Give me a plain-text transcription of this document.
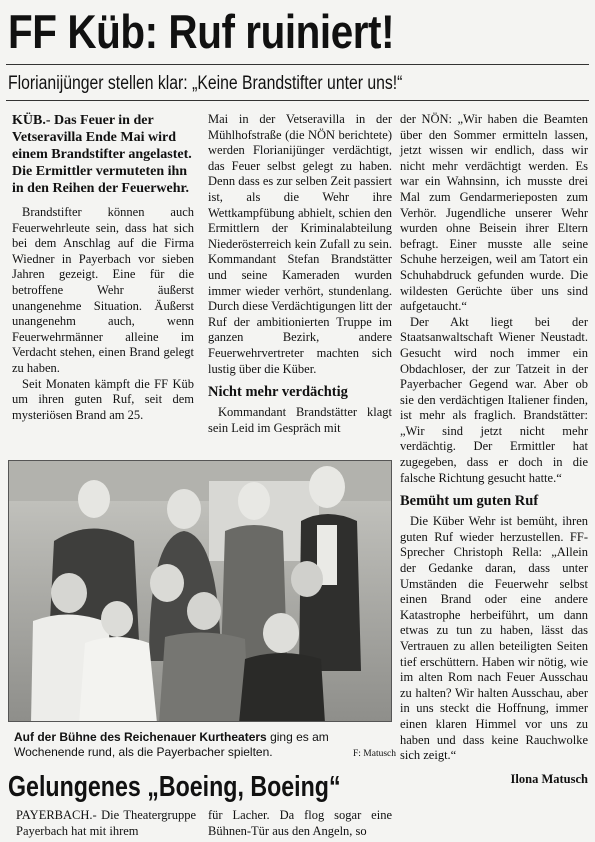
FF Küb: Ruf ruiniert!
Florianijünger stellen klar: „Keine Brandstifter unter uns!“

KÜB.- Das Feuer in der Vetseravilla Ende Mai wird einem Brandstifter angelastet. Die Ermittler vermuteten ihn in den Reihen der Feuerwehr.

Brandstifter können auch Feuerwehrleute sein, dass hat sich bei dem Anschlag auf die Firma Wiedner in Payerbach vor sieben Jahren gezeigt. Eine für die betroffene Wehr äußerst unangenehme Situation. Äußerst unangenehm auch, wenn Feuerwehrmänner alleine im Verdacht stehen, einen Brand gelegt zu haben.

Seit Monaten kämpft die FF Küb um ihren guten Ruf, seit dem mysteriösen Brand am 25.

Mai in der Vetseravilla in der Mühlhofstraße (die NÖN berichtete) werden Florianijünger verdächtigt, das Feuer selbst gelegt zu haben. Denn dass es zur selben Zeit passiert ist, als die Wehr ihre Wettkampfübung abhielt, schien den Ermittlern der Kriminalabteilung Niederösterreich kein Zufall zu sein. Kommandant Stefan Brandstätter und seine Kameraden wurden immer wieder verhört, stundenlang. Durch diese Verdächtigungen litt der Ruf der ambitionierten Truppe im ganzen Bezirk, andere Feuerwehrvertreter machten sich lustig über die Küber.

Nicht mehr verdächtig

Kommandant Brandstätter klagt sein Leid im Gespräch mit

der NÖN: „Wir haben die Beamten über den Sommer ermitteln lassen, jetzt wissen wir endlich, dass wir nicht mehr verdächtigt werden. Es war ein Wahnsinn, ich musste drei Mal zum Gendarmerieposten zum Verhör. Jugendliche unserer Wehr wurden ohne Beisein ihrer Eltern befragt. Einer musste alle seine Schuhe herzeigen, weil am Tatort ein Schuhabdruck gefunden wurde. Die wildesten Gerüchte über uns sind aufgetaucht.“

Der Akt liegt bei der Staatsanwaltschaft Wiener Neustadt. Gesucht wird noch immer ein Obdachloser, der zur Tatzeit in der Payerbacher Gegend war. Aber ob sie den verdächtigen Italiener finden, ist mehr als fraglich. Brandstätter: „Wir sind jetzt nicht mehr verdächtig. Der Ermittler hat zugegeben, dass er doch in die falsche Richtung gesucht hatte.“

Bemüht um guten Ruf

Die Küber Wehr ist bemüht, ihren guten Ruf wieder herzustellen. FF-Sprecher Christoph Rella: „Allein der Gedanke daran, dass unter Umständen die Feuerwehr selbst einen Brand oder eine andere Katastrophe herbeiführt, um dann etwas zu tun zu haben, lässt das Vertrauen zu allen beteiligten Seiten tief erschüttern. Haben wir nötig, wie im alten Rom nach Feuer Ausschau zu halten? Wir halten Ausschau, aber in uns steckt die Hoffnung, immer einen klaren Himmel vor uns zu haben und dass keine Rauchwolke sich zeigt.“

Ilona Matusch
Auf der Bühne des Reichenauer Kurtheaters ging es am Wochenende rund, als die Payerbacher spielten.	F: Matusch
Gelungenes „Boeing, Boeing“
PAYERBACH.- Die Theatergruppe Payerbach hat mit ihrem
für Lacher. Da flog sogar eine Bühnen-Tür aus den Angeln, so
